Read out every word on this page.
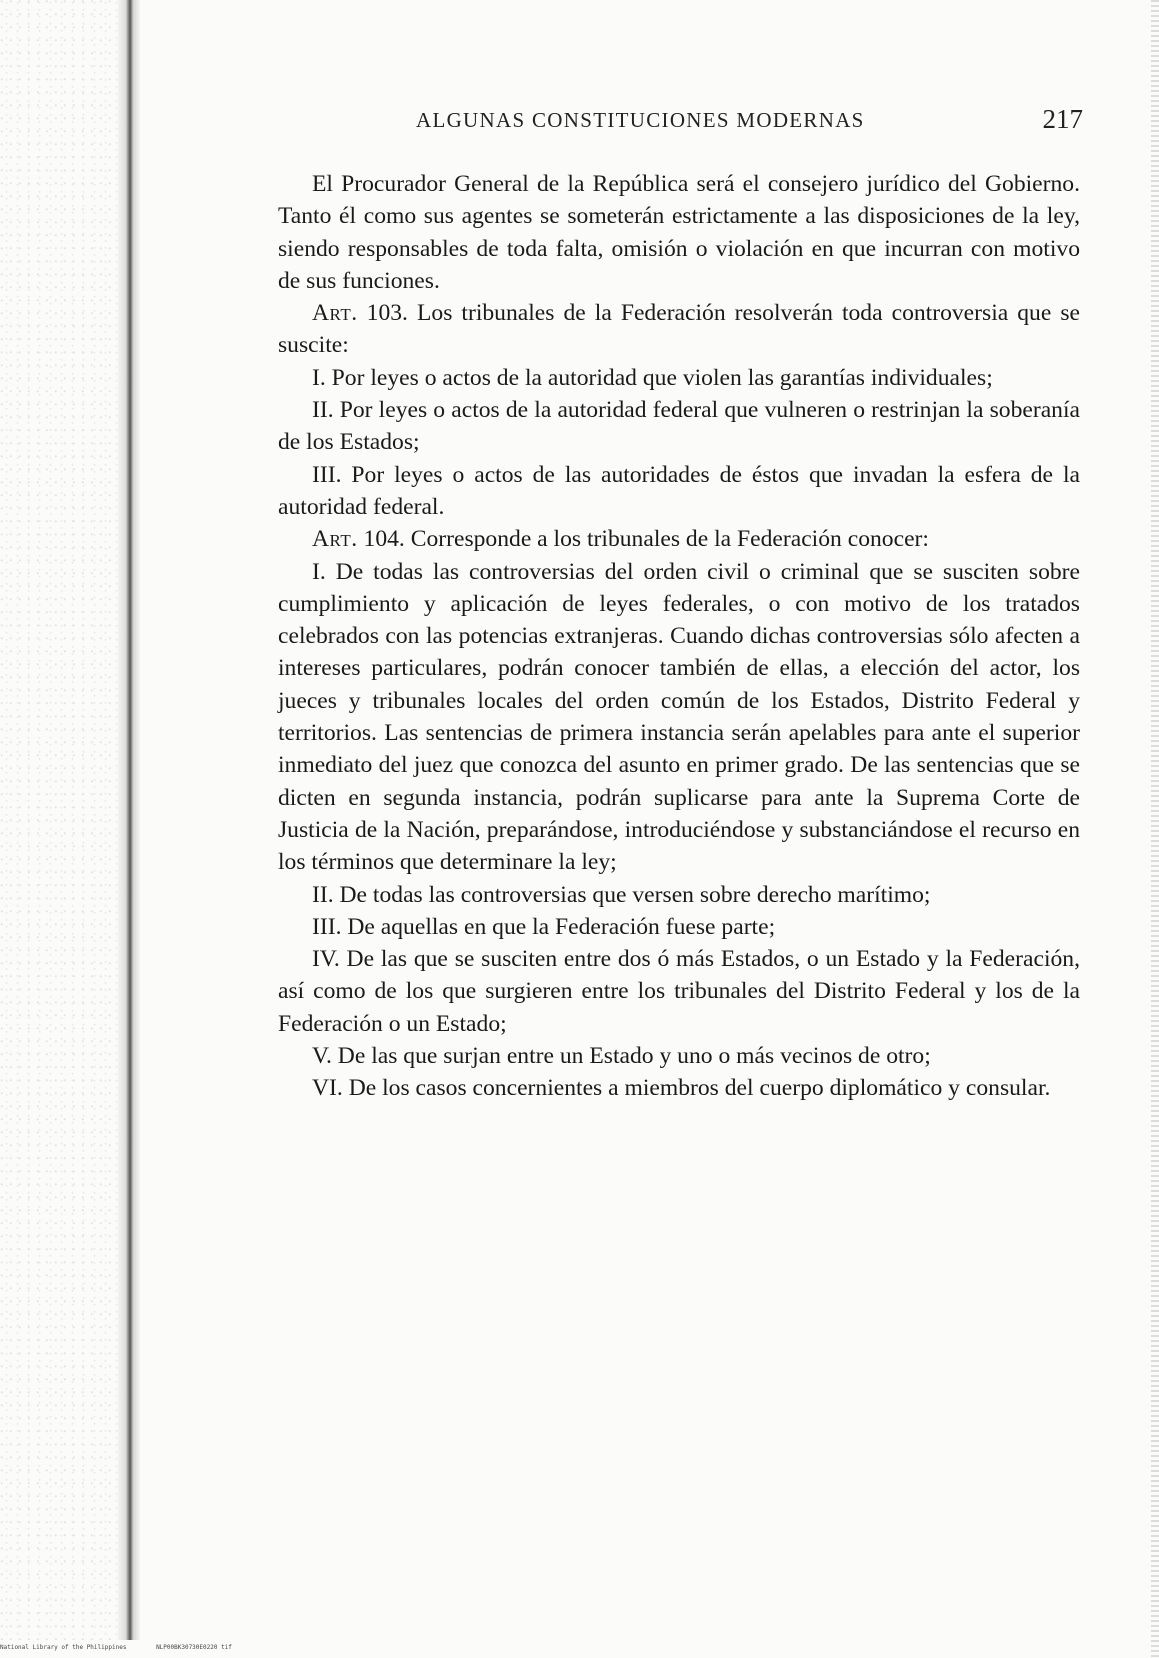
ALGUNAS CONSTITUCIONES MODERNAS	217

El Procurador General de la República será el consejero jurídico del Gobierno. Tanto él como sus agentes se someterán estrictamente a las disposiciones de la ley, siendo responsables de toda falta, omisión o violación en que incurran con motivo de sus funciones.

Art. 103. Los tribunales de la Federación resolverán toda controversia que se suscite:

I. Por leyes o actos de la autoridad que violen las garantías individuales;

II. Por leyes o actos de la autoridad federal que vulneren o restrinjan la soberanía de los Estados;

III. Por leyes o actos de las autoridades de éstos que invadan la esfera de la autoridad federal.

Art. 104. Corresponde a los tribunales de la Federación conocer:

I. De todas las controversias del orden civil o criminal que se susciten sobre cumplimiento y aplicación de leyes federales, o con motivo de los tratados celebrados con las potencias extranjeras. Cuando dichas controversias sólo afecten a intereses particulares, podrán conocer también de ellas, a elección del actor, los jueces y tribunales locales del orden común de los Estados, Distrito Federal y territorios. Las sentencias de primera instancia serán apelables para ante el superior inmediato del juez que conozca del asunto en primer grado. De las sentencias que se dicten en segunda instancia, podrán suplicarse para ante la Suprema Corte de Justicia de la Nación, preparándose, introduciéndose y substanciándose el recurso en los términos que determinare la ley;

II. De todas las controversias que versen sobre derecho marítimo;

III. De aquellas en que la Federación fuese parte;

IV. De las que se susciten entre dos ó más Estados, o un Estado y la Federación, así como de los que surgieren entre los tribunales del Distrito Federal y los de la Federación o un Estado;

V. De las que surjan entre un Estado y uno o más vecinos de otro;

VI. De los casos concernientes a miembros del cuerpo diplomático y consular.

National Library of the Philippines	NLP00BK30730E0220 tif
